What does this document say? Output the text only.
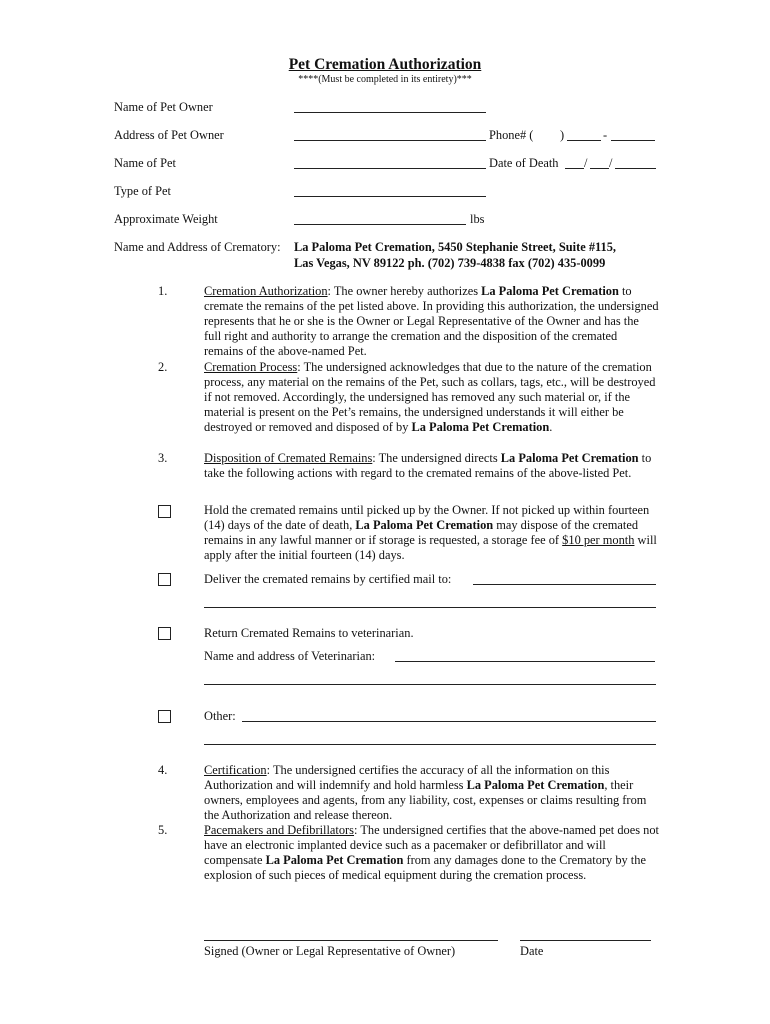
Pet Cremation Authorization
****(Must be completed in its entirety)***
Name of Pet Owner
Address of Pet Owner	Phone# ( )	-
Name of Pet	Date of Death / /
Type of Pet
Approximate Weight	lbs
Name and Address of Crematory: La Paloma Pet Cremation, 5450 Stephanie Street, Suite #115,
Las Vegas, NV 89122 ph. (702) 739-4838 fax (702) 435-0099
1.	Cremation Authorization: The owner hereby authorizes La Paloma Pet Cremation to cremate the remains of the pet listed above. In providing this authorization, the undersigned represents that he or she is the Owner or Legal Representative of the Owner and has the full right and authority to arrange the cremation and the disposition of the cremated remains of the above-named Pet.
2.	Cremation Process: The undersigned acknowledges that due to the nature of the cremation process, any material on the remains of the Pet, such as collars, tags, etc., will be destroyed if not removed. Accordingly, the undersigned has removed any such material or, if the material is present on the Pet’s remains, the undersigned understands it will either be destroyed or removed and disposed of by La Paloma Pet Cremation.
3.	Disposition of Cremated Remains: The undersigned directs La Paloma Pet Cremation to take the following actions with regard to the cremated remains of the above-listed Pet.
Hold the cremated remains until picked up by the Owner. If not picked up within fourteen (14) days of the date of death, La Paloma Pet Cremation may dispose of the cremated remains in any lawful manner or if storage is requested, a storage fee of $10 per month will apply after the initial fourteen (14) days.
Deliver the cremated remains by certified mail to:
Return Cremated Remains to veterinarian.
Name and address of Veterinarian:
Other:
4.	Certification: The undersigned certifies the accuracy of all the information on this Authorization and will indemnify and hold harmless La Paloma Pet Cremation, their owners, employees and agents, from any liability, cost, expenses or claims resulting from the Authorization and release thereon.
5.	Pacemakers and Defibrillators: The undersigned certifies that the above-named pet does not have an electronic implanted device such as a pacemaker or defibrillator and will compensate La Paloma Pet Cremation from any damages done to the Crematory by the explosion of such pieces of medical equipment during the cremation process.
Signed (Owner or Legal Representative of Owner)	Date
